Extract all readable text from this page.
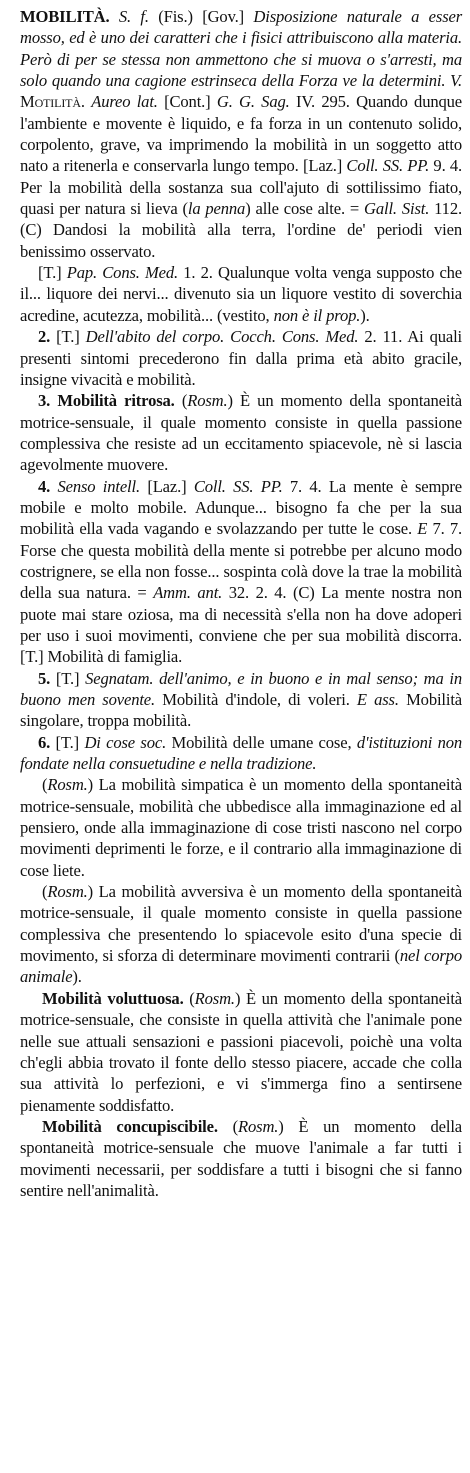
MOBILITÀ. S. f. (Fis.) [Gov.] Disposizione naturale a esser mosso, ed è uno dei caratteri che i fisici attribuiscono alla materia. Però di per se stessa non ammettono che si muova o s'arresti, ma solo quando una cagione estrinseca della Forza ve la determini. V. Motilità. Aureo lat. [Cont.] G. G. Sag. IV. 295. Quando dunque l'ambiente e movente è liquido, e fa forza in un contenuto solido, corpolento, grave, va imprimendo la mobilità in un soggetto atto nato a ritenerla e conservarla lungo tempo. [Laz.] Coll. SS. PP. 9. 4. Per la mobilità della sostanza sua coll'ajuto di sottilissimo fiato, quasi per natura si lieva (la penna) alle cose alte. = Gall. Sist. 112. (C) Dandosi la mobilità alla terra, l'ordine de' periodi vien benissimo osservato.

[T.] Pap. Cons. Med. 1. 2. Qualunque volta venga supposto che il... liquore dei nervi... divenuto sia un liquore vestito di soverchia acredine, acutezza, mobilità... (vestito, non è il prop.).

2. [T.] Dell'abito del corpo. Cocch. Cons. Med. 2. 11. Ai quali presenti sintomi precederono fin dalla prima età abito gracile, insigne vivacità e mobilità.

3. Mobilità ritrosa. (Rosm.) È un momento della spontaneità motrice-sensuale, il quale momento consiste in quella passione complessiva che resiste ad un eccitamento spiacevole, nè si lascia agevolmente muovere.

4. Senso intell. [Laz.] Coll. SS. PP. 7. 4. La mente è sempre mobile e molto mobile. Adunque... bisogno fa che per la sua mobilità ella vada vagando e svolazzando per tutte le cose. E 7. 7. Forse che questa mobilità della mente si potrebbe per alcuno modo costrignere, se ella non fosse... sospinta colà dove la trae la mobilità della sua natura. = Amm. ant. 32. 2. 4. (C) La mente nostra non puote mai stare oziosa, ma di necessità s'ella non ha dove adoperi per uso i suoi movimenti, conviene che per sua mobilità discorra. [T.] Mobilità di famiglia.

5. [T.] Segnatam. dell'animo, e in buono e in mal senso; ma in buono men sovente. Mobilità d'indole, di voleri. E ass. Mobilità singolare, troppa mobilità.

6. [T.] Di cose soc. Mobilità delle umane cose, d'istituzioni non fondate nella consuetudine e nella tradizione.

(Rosm.) La mobilità simpatica è un momento della spontaneità motrice-sensuale, mobilità che ubbedisce alla immaginazione ed al pensiero, onde alla immaginazione di cose tristi nascono nel corpo movimenti deprimenti le forze, e il contrario alla immaginazione di cose liete.

(Rosm.) La mobilità avversiva è un momento della spontaneità motrice-sensuale, il quale momento consiste in quella passione complessiva che presentendo lo spiacevole esito d'una specie di movimento, si sforza di determinare movimenti contrarii (nel corpo animale).

Mobilità voluttuosa. (Rosm.) È un momento della spontaneità motrice-sensuale, che consiste in quella attività che l'animale pone nelle sue attuali sensazioni e passioni piacevoli, poichè una volta ch'egli abbia trovato il fonte dello stesso piacere, accade che colla sua attività lo perfezioni, e vi s'immerga fino a sentirsene pienamente soddisfatto.

Mobilità concupiscibile. (Rosm.) È un momento della spontaneità motrice-sensuale che muove l'animale a far tutti i movimenti necessarii, per soddisfare a tutti i bisogni che si fanno sentire nell'animalità.
